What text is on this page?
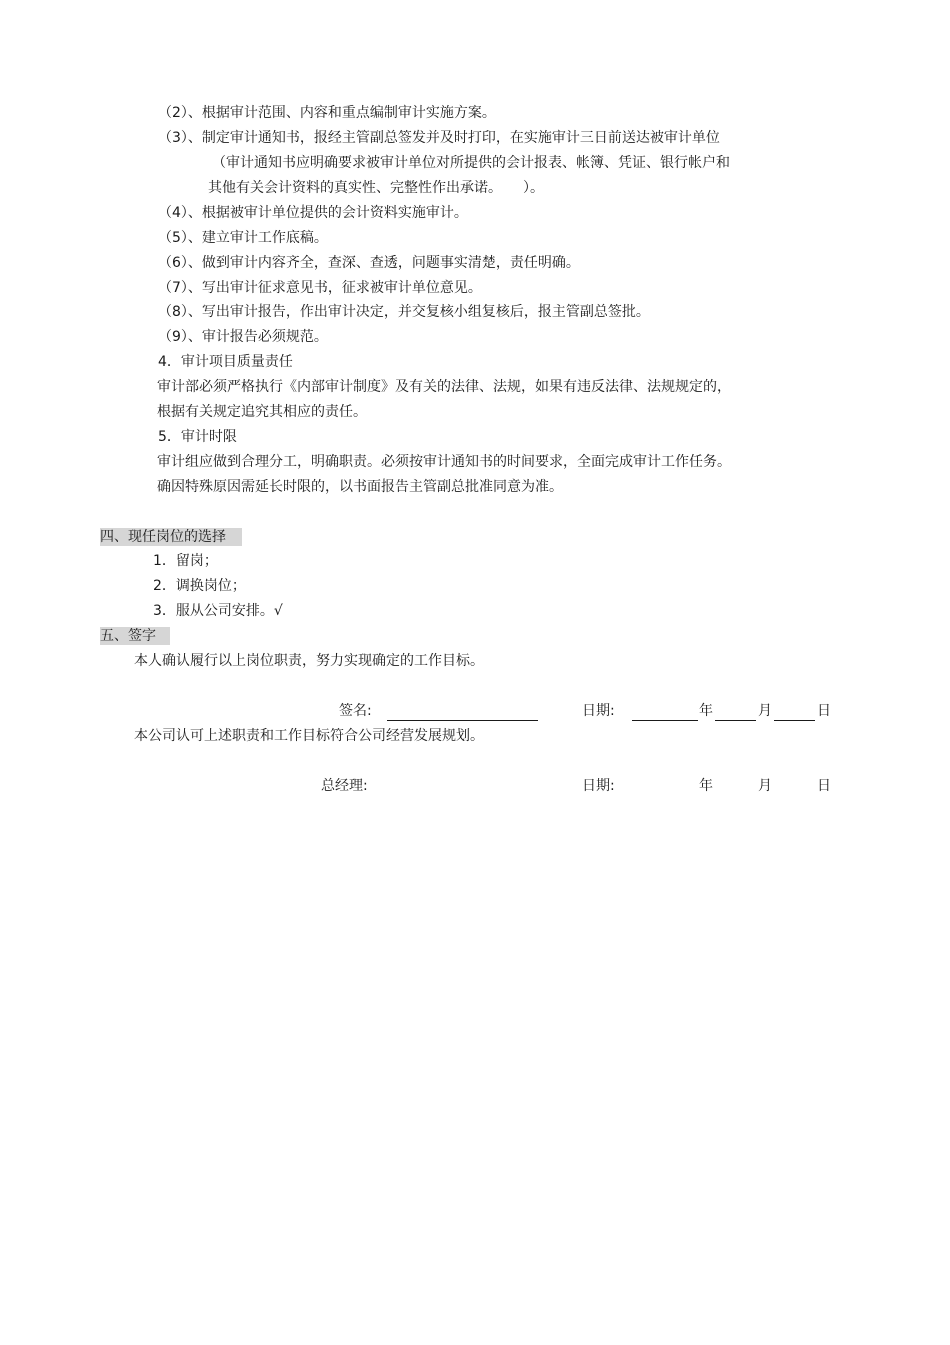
（2）、根据审计范围、内容和重点编制审计实施方案。
（3）、制定审计通知书，报经主管副总签发并及时打印，在实施审计三日前送达被审计单位
（审计通知书应明确要求被审计单位对所提供的会计报表、帐簿、凭证、银行帐户和
其他有关会计资料的真实性、完整性作出承诺。　　）。
（4）、根据被审计单位提供的会计资料实施审计。
（5）、建立审计工作底稿。
（6）、做到审计内容齐全，查深、查透，问题事实清楚，责任明确。
（7）、写出审计征求意见书，征求被审计单位意见。
（8）、写出审计报告，作出审计决定，并交复核小组复核后，报主管副总签批。
（9）、审计报告必须规范。
4．审计项目质量责任
审计部必须严格执行《内部审计制度》及有关的法律、法规，如果有违反法律、法规规定的，
根据有关规定追究其相应的责任。
5．审计时限
审计组应做到合理分工，明确职责。必须按审计通知书的时间要求，全面完成审计工作任务。
确因特殊原因需延长时限的，以书面报告主管副总批准同意为准。
四、现任岗位的选择
1．留岗；
2．调换岗位；
3．服从公司安排。√
五、签字
本人确认履行以上岗位职责，努力实现确定的工作目标。
签名:	日期:	年	月	日
本公司认可上述职责和工作目标符合公司经营发展规划。
总经理:	日期:	年	月	日
